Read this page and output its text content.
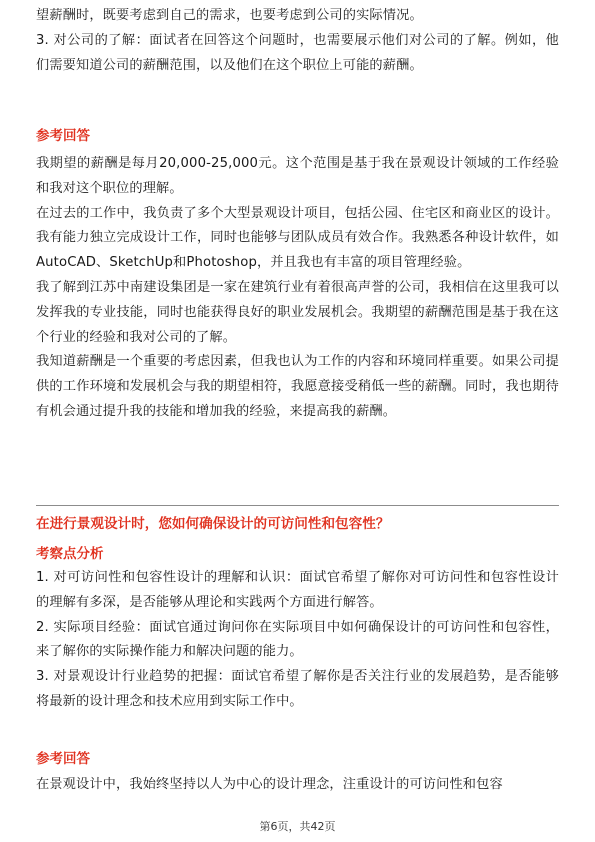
望薪酬时，既要考虑到自己的需求，也要考虑到公司的实际情况。

3. 对公司的了解：面试者在回答这个问题时，也需要展示他们对公司的了解。例如，他们需要知道公司的薪酬范围，以及他们在这个职位上可能的薪酬。

参考回答

我期望的薪酬是每月20,000-25,000元。这个范围是基于我在景观设计领域的工作经验和我对这个职位的理解。

在过去的工作中，我负责了多个大型景观设计项目，包括公园、住宅区和商业区的设计。我有能力独立完成设计工作，同时也能够与团队成员有效合作。我熟悉各种设计软件，如AutoCAD、SketchUp和Photoshop，并且我也有丰富的项目管理经验。

我了解到江苏中南建设集团是一家在建筑行业有着很高声誉的公司，我相信在这里我可以发挥我的专业技能，同时也能获得良好的职业发展机会。我期望的薪酬范围是基于我在这个行业的经验和我对公司的了解。

我知道薪酬是一个重要的考虑因素，但我也认为工作的内容和环境同样重要。如果公司提供的工作环境和发展机会与我的期望相符，我愿意接受稍低一些的薪酬。同时，我也期待有机会通过提升我的技能和增加我的经验，来提高我的薪酬。

在进行景观设计时，您如何确保设计的可访问性和包容性？
考察点分析

1. 对可访问性和包容性设计的理解和认识：面试官希望了解你对可访问性和包容性设计的理解有多深，是否能够从理论和实践两个方面进行解答。

2. 实际项目经验：面试官通过询问你在实际项目中如何确保设计的可访问性和包容性，来了解你的实际操作能力和解决问题的能力。

3. 对景观设计行业趋势的把握：面试官希望了解你是否关注行业的发展趋势，是否能够将最新的设计理念和技术应用到实际工作中。

参考回答

在景观设计中，我始终坚持以人为中心的设计理念，注重设计的可访问性和包容

第6页，共42页
